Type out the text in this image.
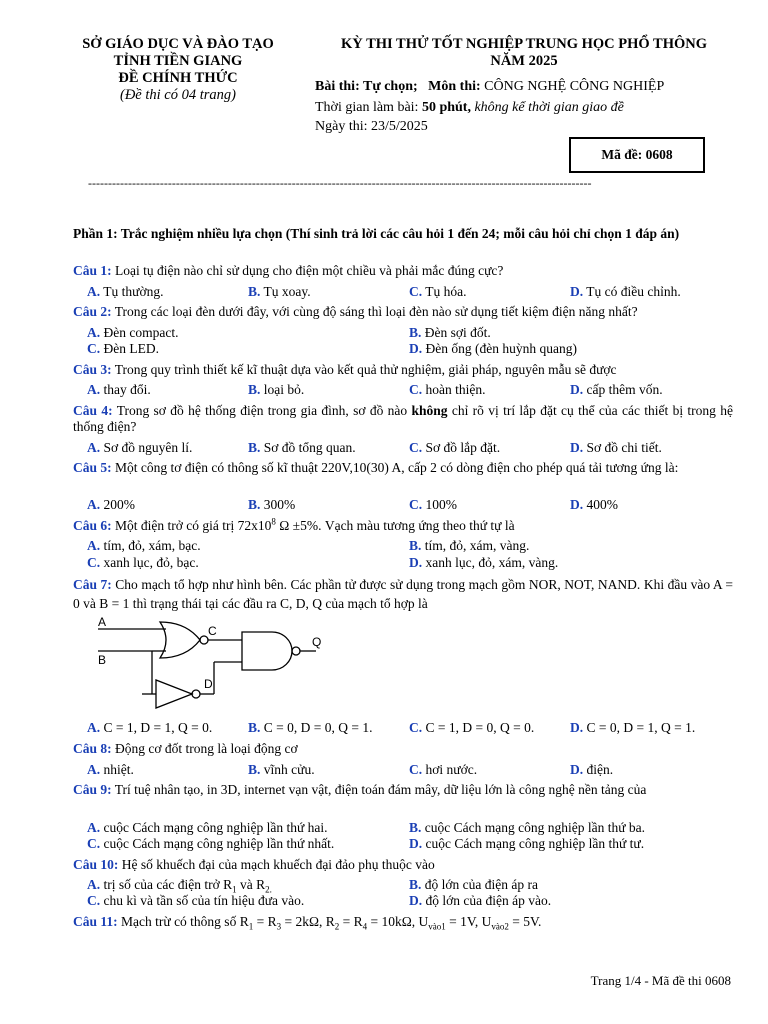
SỞ GIÁO DỤC VÀ ĐÀO TẠO
TỈNH TIỀN GIANG
ĐỀ CHÍNH THỨC
(Đề thi có 04 trang)
KỲ THI THỬ TỐT NGHIỆP TRUNG HỌC PHỔ THÔNG
NĂM 2025
Bài thi: Tự chọn; Môn thi: CÔNG NGHỆ CÔNG NGHIỆP
Thời gian làm bài: 50 phút, không kể thời gian giao đề
Ngày thi: 23/5/2025
Mã đề: 0608
------------------------------------------------------------------------------------------------------------------------------
Phần 1: Trắc nghiệm nhiều lựa chọn (Thí sinh trả lời các câu hỏi 1 đến 24; mỗi câu hỏi chỉ chọn 1 đáp án)
Câu 1: Loại tụ điện nào chỉ sử dụng cho điện một chiều và phải mắc đúng cực?
A. Tụ thường.	B. Tụ xoay.	C. Tụ hóa.	D. Tụ có điều chỉnh.
Câu 2: Trong các loại đèn dưới đây, với cùng độ sáng thì loại đèn nào sử dụng tiết kiệm điện năng nhất?
A. Đèn compact.	B. Đèn sợi đốt.
C. Đèn LED.	D. Đèn ống (đèn huỳnh quang)
Câu 3: Trong quy trình thiết kế kĩ thuật dựa vào kết quả thử nghiệm, giải pháp, nguyên mẫu sẽ được
A. thay đổi.	B. loại bỏ.	C. hoàn thiện.	D. cấp thêm vốn.
Câu 4: Trong sơ đồ hệ thống điện trong gia đình, sơ đồ nào không chỉ rõ vị trí lắp đặt cụ thể của các thiết bị trong hệ thống điện?
A. Sơ đồ nguyên lí.	B. Sơ đồ tổng quan.	C. Sơ đồ lắp đặt.	D. Sơ đồ chi tiết.
Câu 5: Một công tơ điện có thông số kĩ thuật 220V,10(30) A, cấp 2 có dòng điện cho phép quá tải tương ứng là:
A. 200%	B. 300%	C. 100%	D. 400%
Câu 6: Một điện trở có giá trị $72x10^8$ Ω ±5%. Vạch màu tương ứng theo thứ tự là
A. tím, đỏ, xám, bạc.	B. tím, đỏ, xám, vàng.
C. xanh lục, đỏ, bạc.	D. xanh lục, đỏ, xám, vàng.
Câu 7: Cho mạch tổ hợp như hình bên. Các phần tử được sử dụng trong mạch gồm NOR, NOT, NAND. Khi đầu vào A = 0 và B = 1 thì trạng thái tại các đầu ra C, D, Q của mạch tổ hợp là
A
B
C
D
Q
A. C = 1, D = 1, Q = 0.	B. C = 0, D = 0, Q = 1.	C. C = 1, D = 0, Q = 0.	D. C = 0, D = 1, Q = 1.
Câu 8: Động cơ đốt trong là loại động cơ
A. nhiệt.	B. vĩnh cửu.	C. hơi nước.	D. điện.
Câu 9: Trí tuệ nhân tạo, in 3D, internet vạn vật, điện toán đám mây, dữ liệu lớn là công nghệ nền tảng của
A. cuộc Cách mạng công nghiệp lần thứ hai.	B. cuộc Cách mạng công nghiệp lần thứ ba.
C. cuộc Cách mạng công nghiệp lần thứ nhất.	D. cuộc Cách mạng công nghiệp lần thứ tư.
Câu 10: Hệ số khuếch đại của mạch khuếch đại đảo phụ thuộc vào
A. trị số của các điện trở $R_1$ và $R_{2.}$	B. độ lớn của điện áp ra
C. chu kì và tần số của tín hiệu đưa vào.	D. độ lớn của điện áp vào.
Câu 11: Mạch trừ có thông số $R_1 = R_3 = 2k\Omega$, $R_2 = R_4 = 10k\Omega$, $U_{vào1} = 1V$, $U_{vào2} = 5V$.
Trang 1/4 - Mã đề thi 0608
